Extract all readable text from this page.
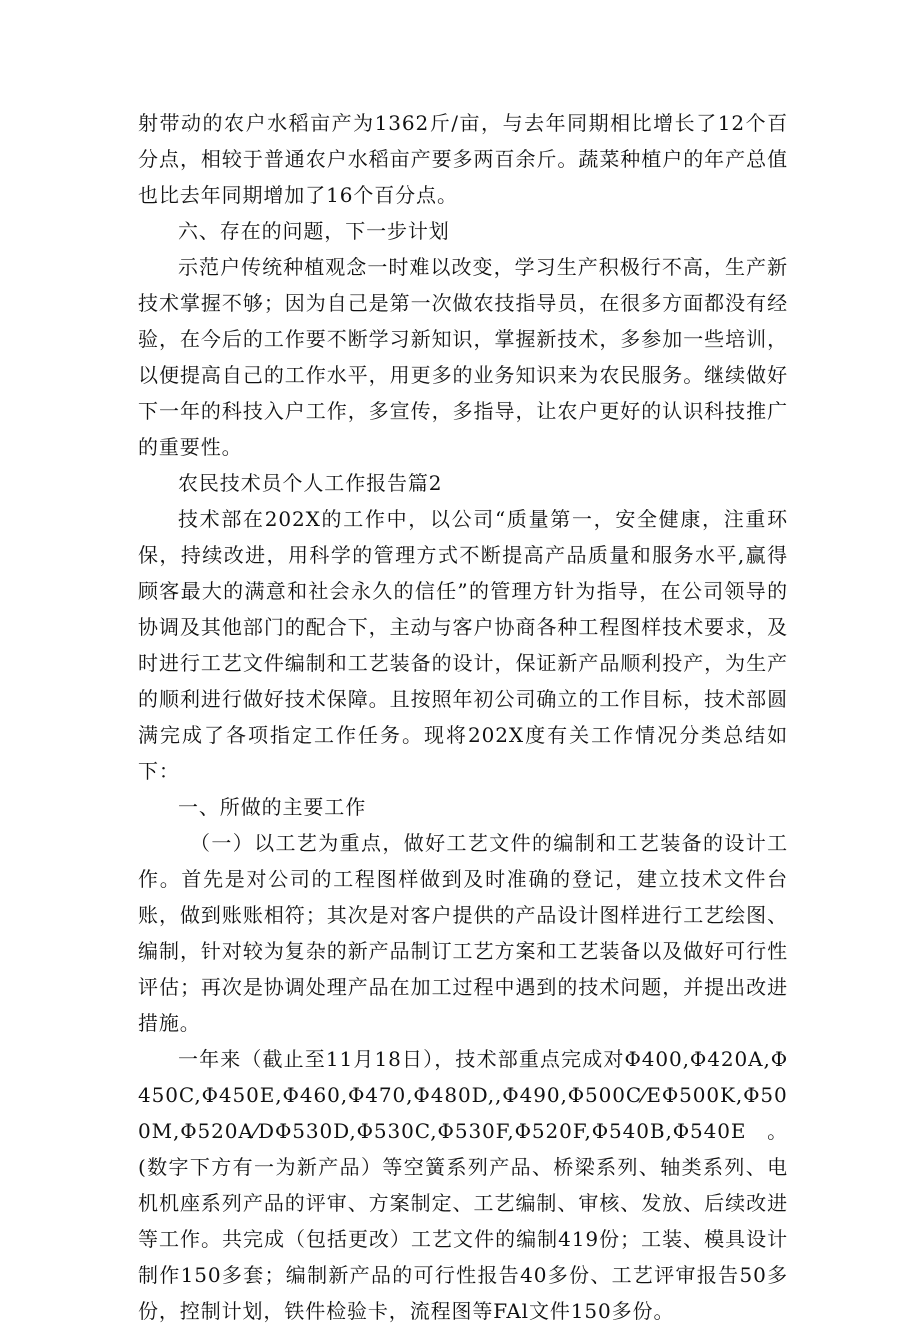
射带动的农户水稻亩产为1362斤/亩，与去年同期相比增长了12个百分点，相较于普通农户水稻亩产要多两百余斤。蔬菜种植户的年产总值也比去年同期增加了16个百分点。

六、存在的问题，下一步计划

示范户传统种植观念一时难以改变，学习生产积极行不高，生产新技术掌握不够；因为自己是第一次做农技指导员，在很多方面都没有经验，在今后的工作要不断学习新知识，掌握新技术，多参加一些培训，以便提高自己的工作水平，用更多的业务知识来为农民服务。继续做好下一年的科技入户工作，多宣传，多指导，让农户更好的认识科技推广的重要性。

农民技术员个人工作报告篇2

技术部在202X的工作中，以公司“质量第一，安全健康，注重环保，持续改进，用科学的管理方式不断提高产品质量和服务水平,赢得顾客最大的满意和社会永久的信任”的管理方针为指导，在公司领导的协调及其他部门的配合下，主动与客户协商各种工程图样技术要求，及时进行工艺文件编制和工艺装备的设计，保证新产品顺利投产，为生产的顺利进行做好技术保障。且按照年初公司确立的工作目标，技术部圆满完成了各项指定工作任务。现将202X度有关工作情况分类总结如下：

一、所做的主要工作

（一）以工艺为重点，做好工艺文件的编制和工艺装备的设计工作。首先是对公司的工程图样做到及时准确的登记，建立技术文件台账，做到账账相符；其次是对客户提供的产品设计图样进行工艺绘图、编制，针对较为复杂的新产品制订工艺方案和工艺装备以及做好可行性评估；再次是协调处理产品在加工过程中遇到的技术问题，并提出改进措施。

一年来（截止至11月18日），技术部重点完成对Φ400,Φ420A,Φ450C,Φ450E,Φ460,Φ470,Φ480D,,Φ490,Φ500C⁄EΦ500K,Φ500M,Φ520A⁄DΦ530D,Φ530C,Φ530F,Φ520F,Φ540B,Φ540E。(数字下方有一为新产品）等空簧系列产品、桥梁系列、轴类系列、电机机座系列产品的评审、方案制定、工艺编制、审核、发放、后续改进等工作。共完成（包括更改）工艺文件的编制419份；工装、模具设计制作150多套；编制新产品的可行性报告40多份、工艺评审报告50多份，控制计划，铁件检验卡，流程图等FAl文件150多份。
